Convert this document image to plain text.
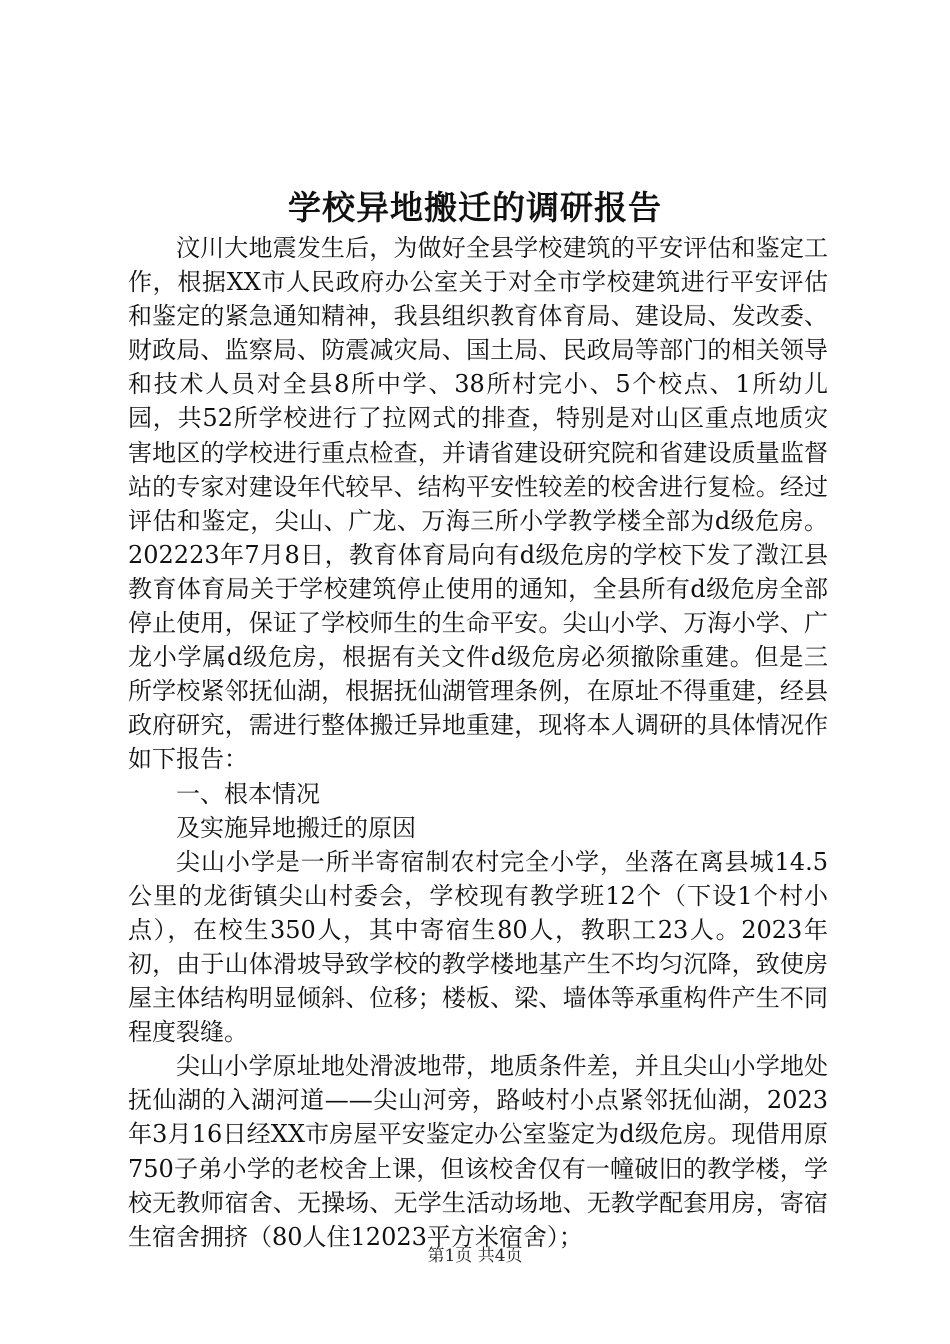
学校异地搬迁的调研报告

汶川大地震发生后，为做好全县学校建筑的平安评估和鉴定工作，根据XX市人民政府办公室关于对全市学校建筑进行平安评估和鉴定的紧急通知精神，我县组织教育体育局、建设局、发改委、财政局、监察局、防震减灾局、国土局、民政局等部门的相关领导和技术人员对全县8所中学、38所村完小、5个校点、1所幼儿园，共52所学校进行了拉网式的排查，特别是对山区重点地质灾害地区的学校进行重点检查，并请省建设研究院和省建设质量监督站的专家对建设年代较早、结构平安性较差的校舍进行复检。经过评估和鉴定，尖山、广龙、万海三所小学教学楼全部为d级危房。202223年7月8日，教育体育局向有d级危房的学校下发了澂江县教育体育局关于学校建筑停止使用的通知，全县所有d级危房全部停止使用，保证了学校师生的生命平安。尖山小学、万海小学、广龙小学属d级危房，根据有关文件d级危房必须撤除重建。但是三所学校紧邻抚仙湖，根据抚仙湖管理条例，在原址不得重建，经县政府研究，需进行整体搬迁异地重建，现将本人调研的具体情况作如下报告：

一、根本情况

及实施异地搬迁的原因

尖山小学是一所半寄宿制农村完全小学，坐落在离县城14.5公里的龙街镇尖山村委会，学校现有教学班12个（下设1个村小点），在校生350人，其中寄宿生80人，教职工23人。2023年初，由于山体滑坡导致学校的教学楼地基产生不均匀沉降，致使房屋主体结构明显倾斜、位移；楼板、梁、墙体等承重构件产生不同程度裂缝。

尖山小学原址地处滑波地带，地质条件差，并且尖山小学地处抚仙湖的入湖河道——尖山河旁，路岐村小点紧邻抚仙湖，2023年3月16日经XX市房屋平安鉴定办公室鉴定为d级危房。现借用原750子弟小学的老校舍上课，但该校舍仅有一幢破旧的教学楼，学校无教师宿舍、无操场、无学生活动场地、无教学配套用房，寄宿生宿舍拥挤（80人住12023平方米宿舍）；

第1页 共4页
